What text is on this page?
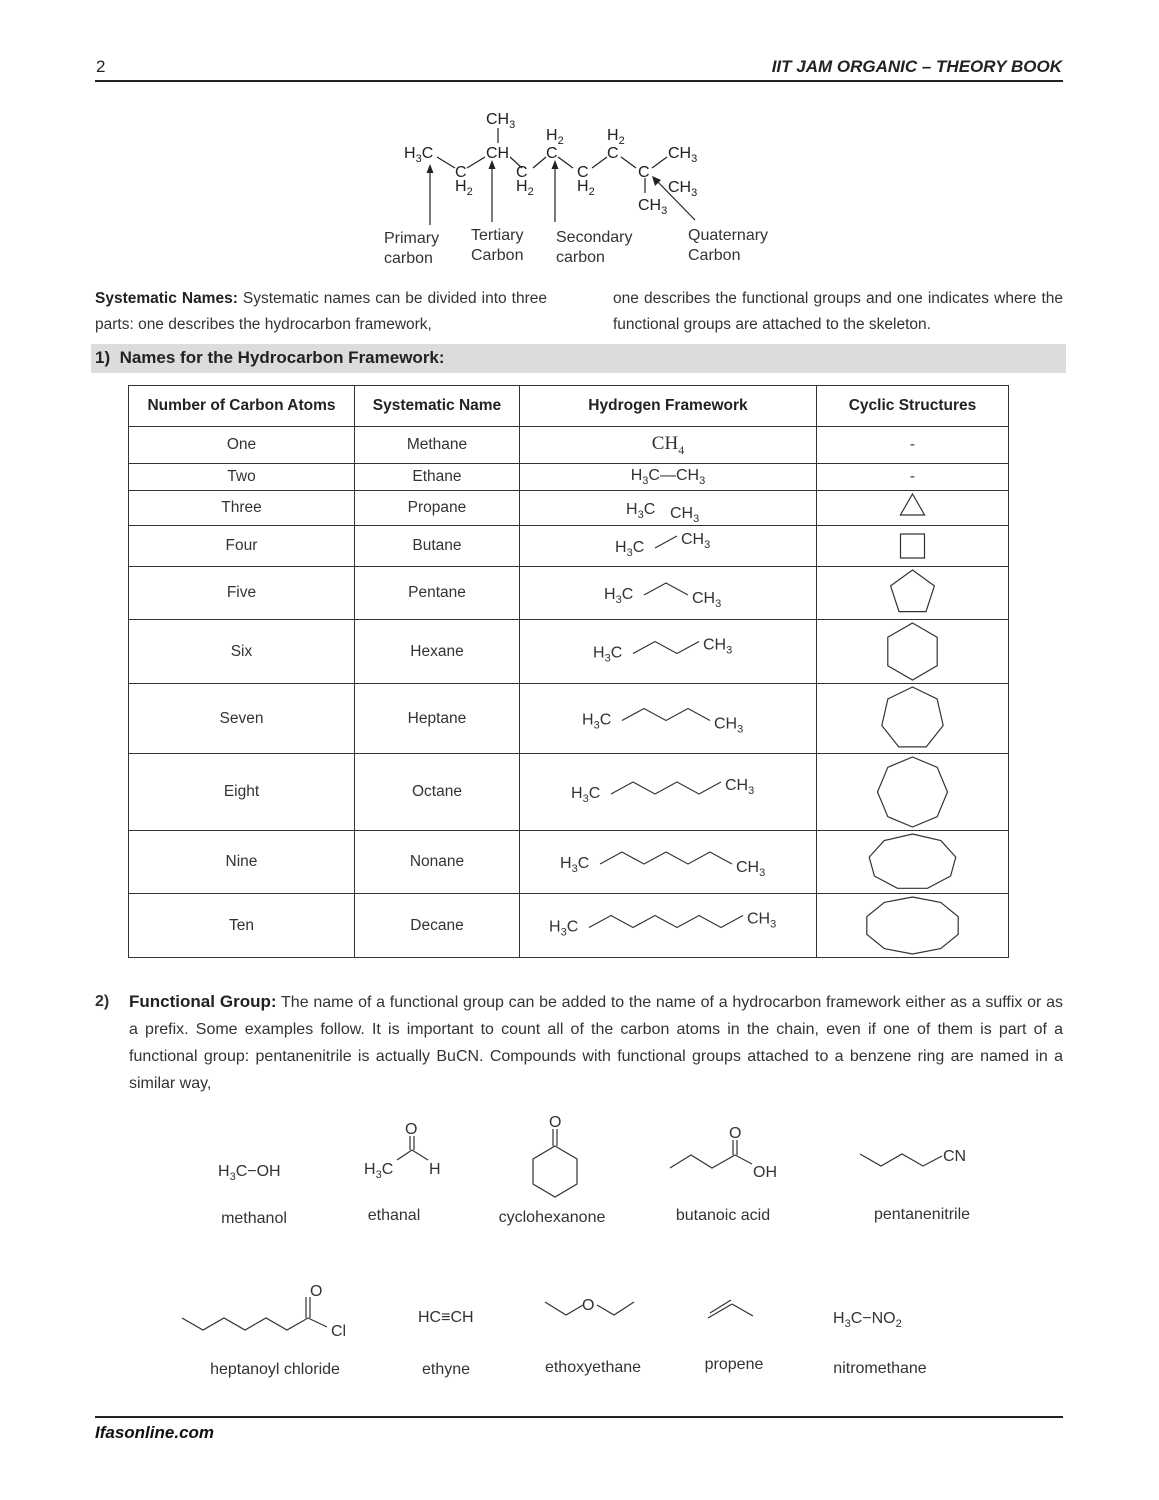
2	IIT JAM ORGANIC – THEORY BOOK
$CH_3$
$H_3C$	CH
C
$H_2$
C
$H_2$
$H_2$
C
C
$H_2$
$H_2$
C
C
$CH_3$
$CH_3$
$CH_3$
Primary
carbon
Tertiary
Carbon
Secondary
carbon
Quaternary
Carbon
Systematic Names: Systematic names can be divided into three parts: one describes the hydrocarbon framework,
one describes the functional groups and one indicates where the functional groups are attached to the skeleton.
1) Names for the Hydrocarbon Framework:
Number of Carbon Atoms	Systematic Name	Hydrogen Framework	Cyclic Structures
One	Methane	$CH_4$	-
Two	Ethane	$H_3C—CH_3$	-
Three	Propane	$H_3C$ $CH_3$

Four	Butane	$H_3C$ $CH_3$

Five	Pentane	$H_3C$ $CH_3$

Six	Hexane	$H_3C$ $CH_3$

Seven	Heptane	$H_3C$ $CH_3$

Eight	Octane	$H_3C$ $CH_3$

Nine	Nonane	$H_3C$ $CH_3$

Ten	Decane	$H_3C$ $CH_3$

2) Functional Group: The name of a functional group can be added to the name of a hydrocarbon framework either as a suffix or as a prefix. Some examples follow. It is important to count all of the carbon atoms in the chain, even if one of them is part of a functional group: pentanenitrile is actually BuCN. Compounds with functional groups attached to a benzene ring are named in a similar way,
$H_3C-OH$	$H_3C$ H
O	O
O
OH
CN
O
Cl
HC≡CH
O
$H_3C-NO_2$
methanol	ethanal	cyclohexanone	butanoic acid	pentanenitrile
heptanoyl chloride	ethyne	ethoxyethane	propene	nitromethane
Ifasonline.com
